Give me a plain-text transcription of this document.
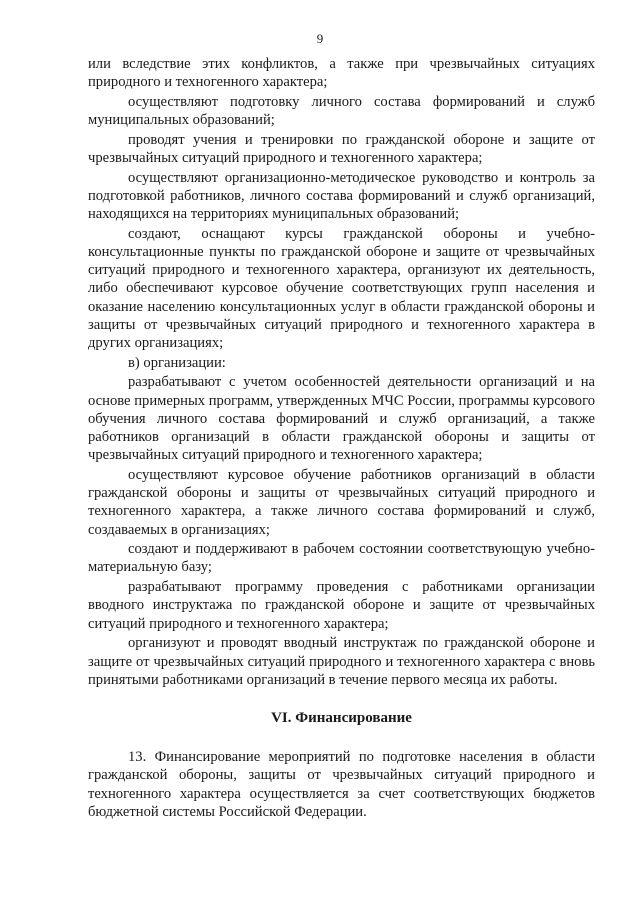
9

или вследствие этих конфликтов, а также при чрезвычайных ситуациях природного и техногенного характера;

осуществляют подготовку личного состава формирований и служб муниципальных образований;

проводят учения и тренировки по гражданской обороне и защите от чрезвычайных ситуаций природного и техногенного характера;

осуществляют организационно-методическое руководство и контроль за подготовкой работников, личного состава формирований и служб организаций, находящихся на территориях муниципальных образований;

создают, оснащают курсы гражданской обороны и учебно-консультационные пункты по гражданской обороне и защите от чрезвычайных ситуаций природного и техногенного характера, организуют их деятельность, либо обеспечивают курсовое обучение соответствующих групп населения и оказание населению консультационных услуг в области гражданской обороны и защиты от чрезвычайных ситуаций природного и техногенного характера в других организациях;

в) организации:

разрабатывают с учетом особенностей деятельности организаций и на основе примерных программ, утвержденных МЧС России, программы курсового обучения личного состава формирований и служб организаций, а также работников организаций в области гражданской обороны и защиты от чрезвычайных ситуаций природного и техногенного характера;

осуществляют курсовое обучение работников организаций в области гражданской обороны и защиты от чрезвычайных ситуаций природного и техногенного характера, а также личного состава формирований и служб, создаваемых в организациях;

создают и поддерживают в рабочем состоянии соответствующую учебно-материальную базу;

разрабатывают программу проведения с работниками организации вводного инструктажа по гражданской обороне и защите от чрезвычайных ситуаций природного и техногенного характера;

организуют и проводят вводный инструктаж по гражданской обороне и защите от чрезвычайных ситуаций природного и техногенного характера с вновь принятыми работниками организаций в течение первого месяца их работы.

VI. Финансирование

13. Финансирование мероприятий по подготовке населения в области гражданской обороны, защиты от чрезвычайных ситуаций природного и техногенного характера осуществляется за счет соответствующих бюджетов бюджетной системы Российской Федерации.
